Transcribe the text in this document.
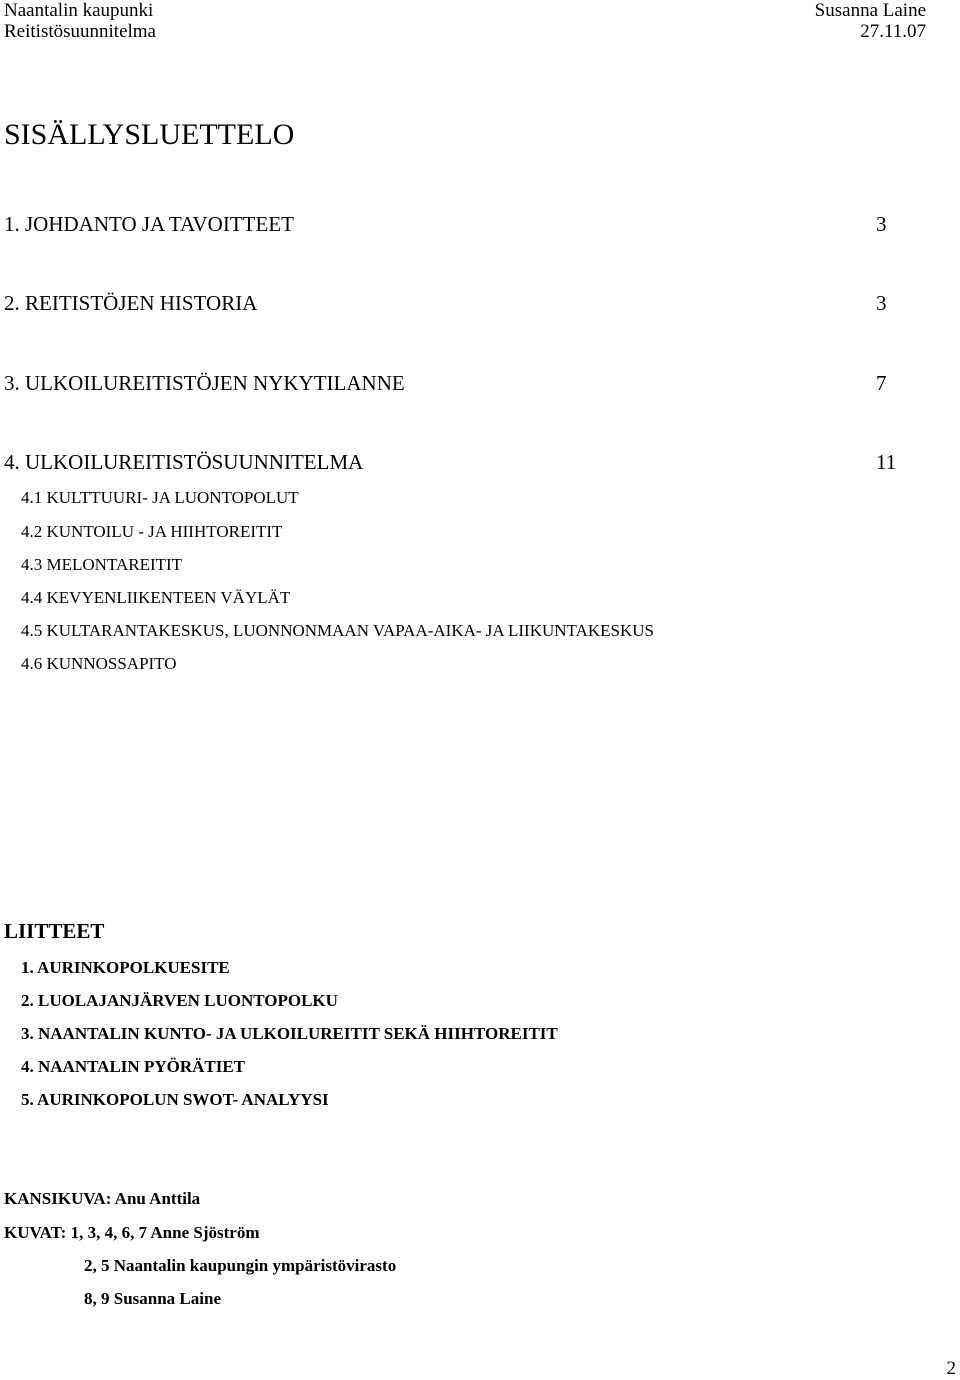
Naantalin kaupunki
Reitistösuunnitelma
Susanna Laine
27.11.07
SISÄLLYSLUETTELO
1. JOHDANTO JA TAVOITTEET	3
2. REITISTÖJEN HISTORIA	3
3. ULKOILUREITISTÖJEN NYKYTILANNE	7
4. ULKOILUREITISTÖSUUNNITELMA	11
4.1 KULTTUURI- JA LUONTOPOLUT
4.2 KUNTOILU - JA HIIHTOREITIT
4.3 MELONTAREITIT
4.4 KEVYENLIIKENTEEN VÄYLÄT
4.5 KULTARANTAKESKUS, LUONNONMAAN VAPAA-AIKA- JA LIIKUNTAKESKUS
4.6 KUNNOSSAPITO
LIITTEET
1. AURINKOPOLKUESITE
2. LUOLAJANJÄRVEN LUONTOPOLKU
3. NAANTALIN KUNTO- JA ULKOILUREITIT SEKÄ HIIHTOREITIT
4. NAANTALIN PYÖRÄTIET
5. AURINKOPOLUN SWOT- ANALYYSI
KANSIKUVA: Anu Anttila
KUVAT: 1, 3, 4, 6, 7 Anne Sjöström
2, 5 Naantalin kaupungin ympäristövirasto
8, 9 Susanna Laine
2
